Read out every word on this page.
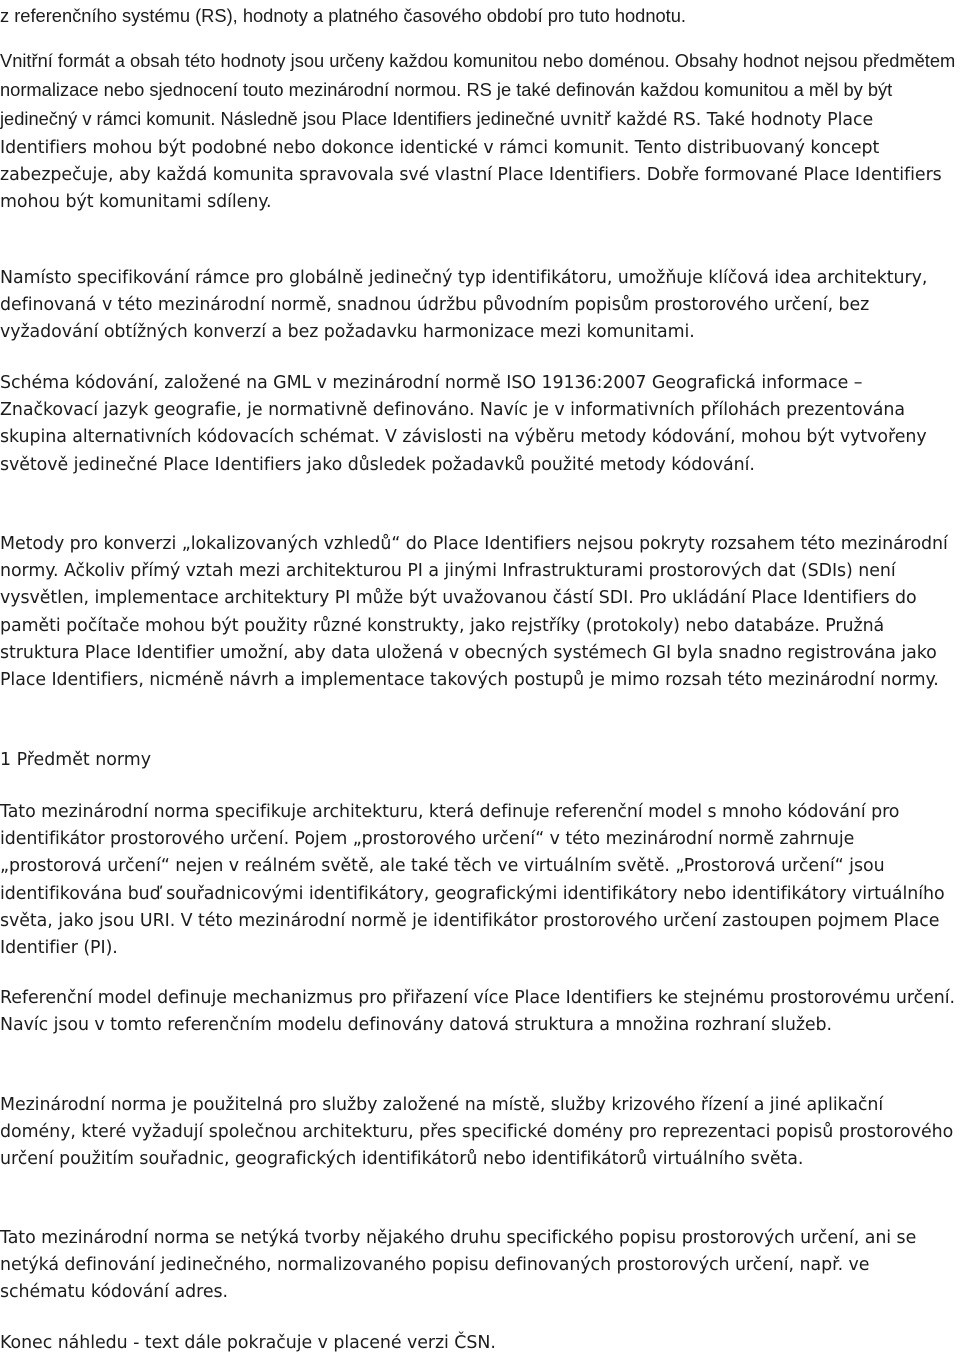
z referenčního systému (RS), hodnoty a platného časového období pro tuto hodnotu.

Vnitřní formát a obsah této hodnoty jsou určeny každou komunitou nebo doménou. Obsahy hodnot nejsou předmětem normalizace nebo sjednocení touto mezinárodní normou. RS je také definován každou komunitou a měl by být jedinečný v rámci komunit. Následně jsou Place Identifiers jedinečné uvnitř každé RS. Také hodnoty Place Identifiers mohou být podobné nebo dokonce identické v rámci komunit. Tento distribuovaný koncept zabezpečuje, aby každá komunita spravovala své vlastní Place Identifiers. Dobře formované Place Identifiers mohou být komunitami sdíleny.

Namísto specifikování rámce pro globálně jedinečný typ identifikátoru, umožňuje klíčová idea architektury, definovaná v této mezinárodní normě, snadnou údržbu původním popisům prostorového určení, bez vyžadování obtížných konverzí a bez požadavku harmonizace mezi komunitami.

Schéma kódování, založené na GML v mezinárodní normě ISO 19136:2007 Geografická informace – Značkovací jazyk geografie, je normativně definováno. Navíc je v informativních přílohách prezentována skupina alternativních kódovacích schémat. V závislosti na výběru metody kódování, mohou být vytvořeny světově jedinečné Place Identifiers jako důsledek požadavků použité metody kódování.

Metody pro konverzi „lokalizovaných vzhledů“ do Place Identifiers nejsou pokryty rozsahem této mezinárodní normy. Ačkoliv přímý vztah mezi architekturou PI a jinými Infrastrukturami prostorových dat (SDIs) není vysvětlen, implementace architektury PI může být uvažovanou částí SDI. Pro ukládání Place Identifiers do paměti počítače mohou být použity různé konstrukty, jako rejstříky (protokoly) nebo databáze. Pružná struktura Place Identifier umožní, aby data uložená v obecných systémech GI byla snadno registrována jako Place Identifiers, nicméně návrh a implementace takových postupů je mimo rozsah této mezinárodní normy.

1 Předmět normy

Tato mezinárodní norma specifikuje architekturu, která definuje referenční model s mnoho kódování pro identifikátor prostorového určení. Pojem „prostorového určení“ v této mezinárodní normě zahrnuje „prostorová určení“ nejen v reálném světě, ale také těch ve virtuálním světě. „Prostorová určení“ jsou identifikována buď souřadnicovými identifikátory, geografickými identifikátory nebo identifikátory virtuálního světa, jako jsou URI. V této mezinárodní normě je identifikátor prostorového určení zastoupen pojmem Place Identifier (PI).

Referenční model definuje mechanizmus pro přiřazení více Place Identifiers ke stejnému prostorovému určení. Navíc jsou v tomto referenčním modelu definovány datová struktura a množina rozhraní služeb.

Mezinárodní norma je použitelná pro služby založené na místě, služby krizového řízení a jiné aplikační domény, které vyžadují společnou architekturu, přes specifické domény pro reprezentaci popisů prostorového určení použitím souřadnic, geografických identifikátorů nebo identifikátorů virtuálního světa.

Tato mezinárodní norma se netýká tvorby nějakého druhu specifického popisu prostorových určení, ani se netýká definování jedinečného, normalizovaného popisu definovaných prostorových určení, např. ve schématu kódování adres.

Konec náhledu - text dále pokračuje v placené verzi ČSN.
